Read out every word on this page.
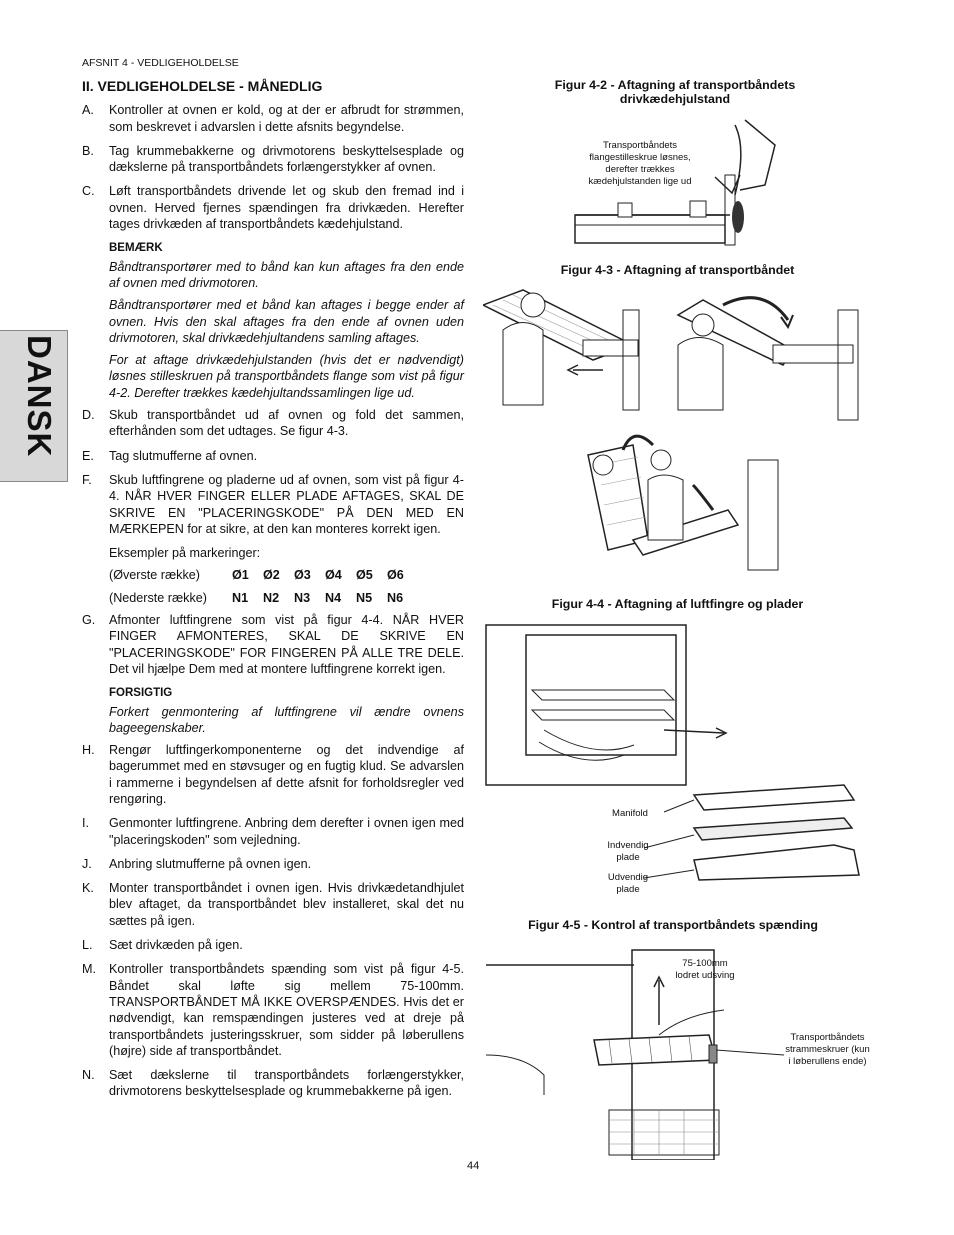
AFSNIT 4 - VEDLIGEHOLDELSE
DANSK
II. VEDLIGEHOLDELSE - MÅNEDLIG
A.	Kontroller at ovnen er kold, og at der er afbrudt for strømmen, som beskrevet i advarslen i dette afsnits begyndelse.
B.	Tag krummebakkerne og drivmotorens beskyttelsesplade og dækslerne på transportbåndets forlængerstykker af ovnen.
C.	Løft transportbåndets drivende let og skub den fremad ind i ovnen. Herved fjernes spændingen fra drivkæden. Herefter tages drivkæden af transportbåndets kædehjulstand.
BEMÆRK

Båndtransportører med to bånd kan kun aftages fra den ende af ovnen med drivmotoren.

Båndtransportører med et bånd kan aftages i begge ender af ovnen. Hvis den skal aftages fra den ende af ovnen uden drivmotoren, skal drivkædehjultandens samling aftages.

For at aftage drivkædehjulstanden (hvis det er nødvendigt) løsnes stilleskruen på transportbåndets flange som vist på figur 4-2. Derefter trækkes kædehjultandssamlingen lige ud.

D.	Skub transportbåndet ud af ovnen og fold det sammen, efterhånden som det udtages. Se figur 4-3.
E.	Tag slutmufferne af ovnen.
F.	Skub luftfingrene og pladerne ud af ovnen, som vist på figur 4-4. NÅR HVER FINGER ELLER PLADE AFTAGES, SKAL DE SKRIVE EN "PLACERINGSKODE" PÅ DEN MED EN MÆRKEPEN for at sikre, at den kan monteres korrekt igen.
Eksempler på markeringer:
(Øverste række)	Ø1 Ø2 Ø3 Ø4 Ø5 Ø6
(Nederste række)	N1 N2 N3 N4 N5 N6
G.	Afmonter luftfingrene som vist på figur 4-4. NÅR HVER FINGER AFMONTERES, SKAL DE SKRIVE EN "PLACERINGSKODE" FOR FINGEREN PÅ ALLE TRE DELE. Det vil hjælpe Dem med at montere luftfingrene korrekt igen.
FORSIGTIG

Forkert genmontering af luftfingrene vil ændre ovnens bageegenskaber.

H.	Rengør luftfingerkomponenterne og det indvendige af bagerummet med en støvsuger og en fugtig klud. Se advarslen i rammerne i begyndelsen af dette afsnit for forholdsregler ved rengøring.
I.	Genmonter luftfingrene. Anbring dem derefter i ovnen igen med "placeringskoden" som vejledning.
J.	Anbring slutmufferne på ovnen igen.
K.	Monter transportbåndet i ovnen igen. Hvis drivkædetandhjulet blev aftaget, da transportbåndet blev installeret, skal det nu sættes på igen.
L.	Sæt drivkæden på igen.
M.	Kontroller transportbåndets spænding som vist på figur 4-5. Båndet skal løfte sig mellem 75-100mm. TRANSPORTBÅNDET MÅ IKKE OVERSPÆNDES. Hvis det er nødvendigt, kan remspændingen justeres ved at dreje på transportbåndets justeringsskruer, som sidder på løberullens (højre) side af transportbåndet.
N.	Sæt dækslerne til transportbåndets forlængerstykker, drivmotorens beskyttelsesplade og krummebakkerne på igen.
Figur 4-2 - Aftagning af transportbåndets
drivkædehjulstand
Transportbåndets flangestilleskrue løsnes, derefter trækkes kædehjulstanden lige ud
Figur 4-3 - Aftagning af transportbåndet
Figur 4-4 - Aftagning af luftfingre og plader
Manifold
Indvendig plade
Udvendig plade
Figur 4-5 - Kontrol af transportbåndets spænding
75-100mm lodret udsving
Transportbåndets strammeskruer (kun i løberullens ende)
44
